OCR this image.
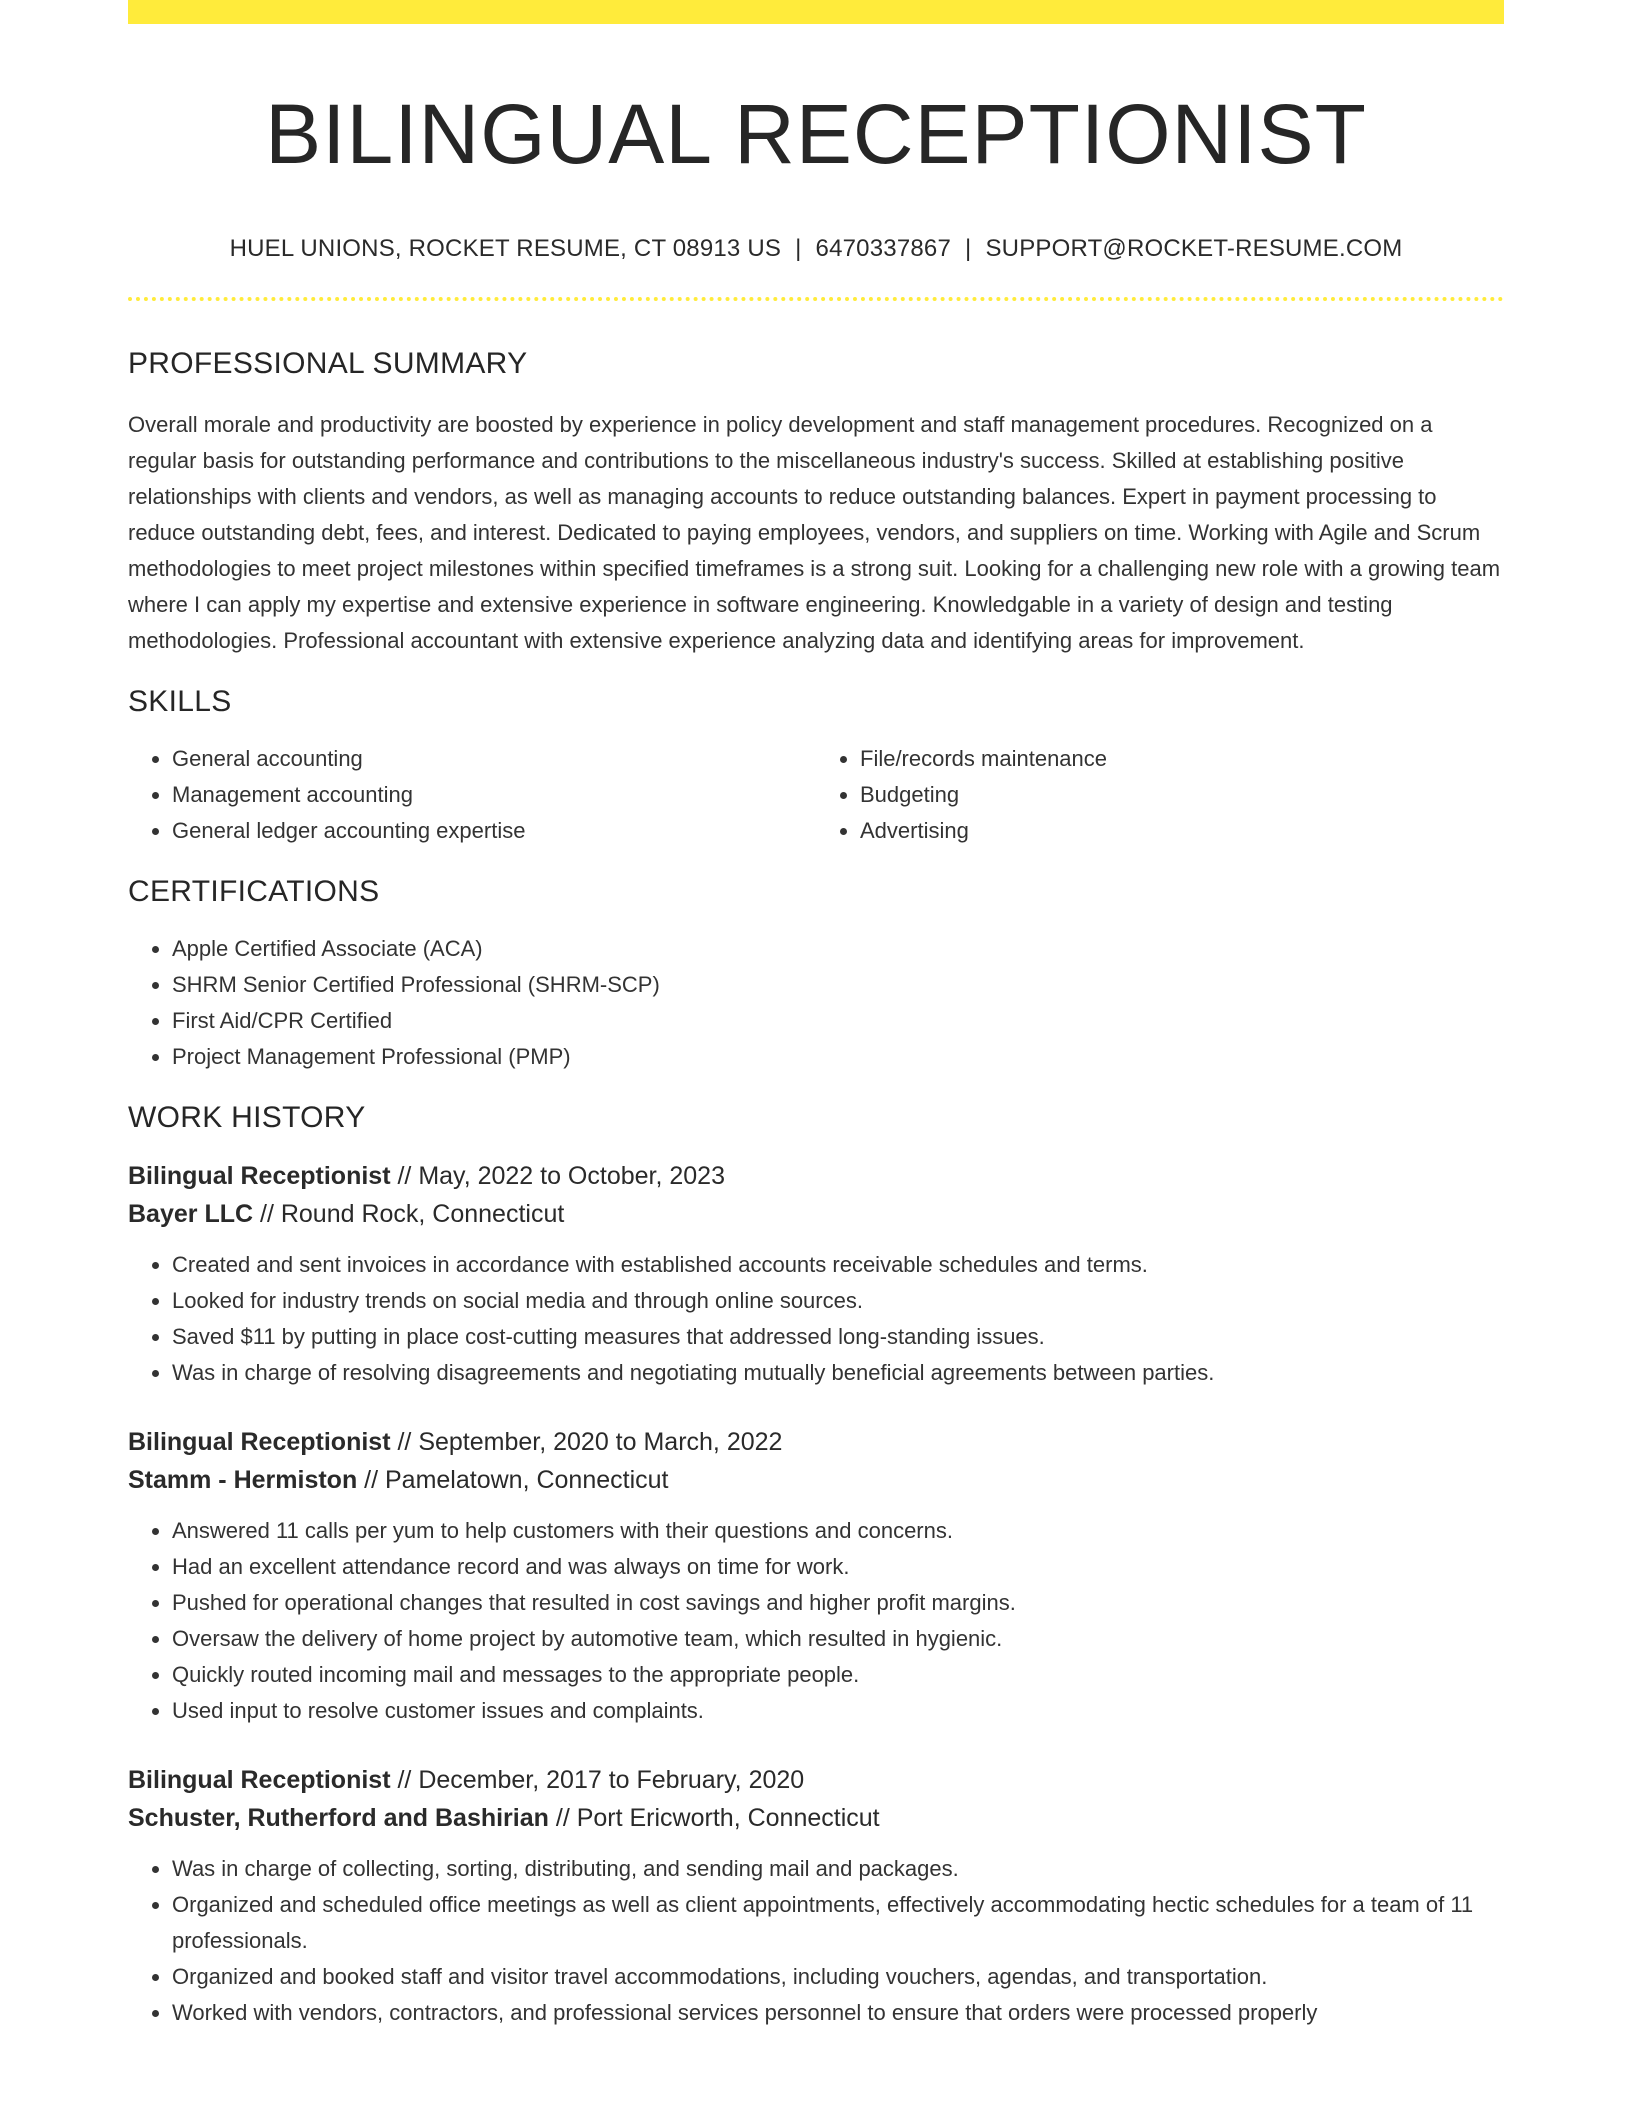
BILINGUAL RECEPTIONIST
HUEL UNIONS, ROCKET RESUME, CT 08913 US | 6470337867 | SUPPORT@ROCKET-RESUME.COM
PROFESSIONAL SUMMARY

Overall morale and productivity are boosted by experience in policy development and staff management procedures. Recognized on a regular basis for outstanding performance and contributions to the miscellaneous industry's success. Skilled at establishing positive relationships with clients and vendors, as well as managing accounts to reduce outstanding balances. Expert in payment processing to reduce outstanding debt, fees, and interest. Dedicated to paying employees, vendors, and suppliers on time. Working with Agile and Scrum methodologies to meet project milestones within specified timeframes is a strong suit. Looking for a challenging new role with a growing team where I can apply my expertise and extensive experience in software engineering. Knowledgable in a variety of design and testing methodologies. Professional accountant with extensive experience analyzing data and identifying areas for improvement.

SKILLS
• General accounting
• Management accounting
• General ledger accounting expertise
• File/records maintenance
• Budgeting
• Advertising
CERTIFICATIONS
• Apple Certified Associate (ACA)
• SHRM Senior Certified Professional (SHRM-SCP)
• First Aid/CPR Certified
• Project Management Professional (PMP)
WORK HISTORY
Bilingual Receptionist // May, 2022 to October, 2023
Bayer LLC // Round Rock, Connecticut
• Created and sent invoices in accordance with established accounts receivable schedules and terms.
• Looked for industry trends on social media and through online sources.
• Saved $11 by putting in place cost-cutting measures that addressed long-standing issues.
• Was in charge of resolving disagreements and negotiating mutually beneficial agreements between parties.
Bilingual Receptionist // September, 2020 to March, 2022
Stamm - Hermiston // Pamelatown, Connecticut
• Answered 11 calls per yum to help customers with their questions and concerns.
• Had an excellent attendance record and was always on time for work.
• Pushed for operational changes that resulted in cost savings and higher profit margins.
• Oversaw the delivery of home project by automotive team, which resulted in hygienic.
• Quickly routed incoming mail and messages to the appropriate people.
• Used input to resolve customer issues and complaints.
Bilingual Receptionist // December, 2017 to February, 2020
Schuster, Rutherford and Bashirian // Port Ericworth, Connecticut
• Was in charge of collecting, sorting, distributing, and sending mail and packages.
• Organized and scheduled office meetings as well as client appointments, effectively accommodating hectic schedules for a team of 11 professionals.
• Organized and booked staff and visitor travel accommodations, including vouchers, agendas, and transportation.
• Worked with vendors, contractors, and professional services personnel to ensure that orders were processed properly
